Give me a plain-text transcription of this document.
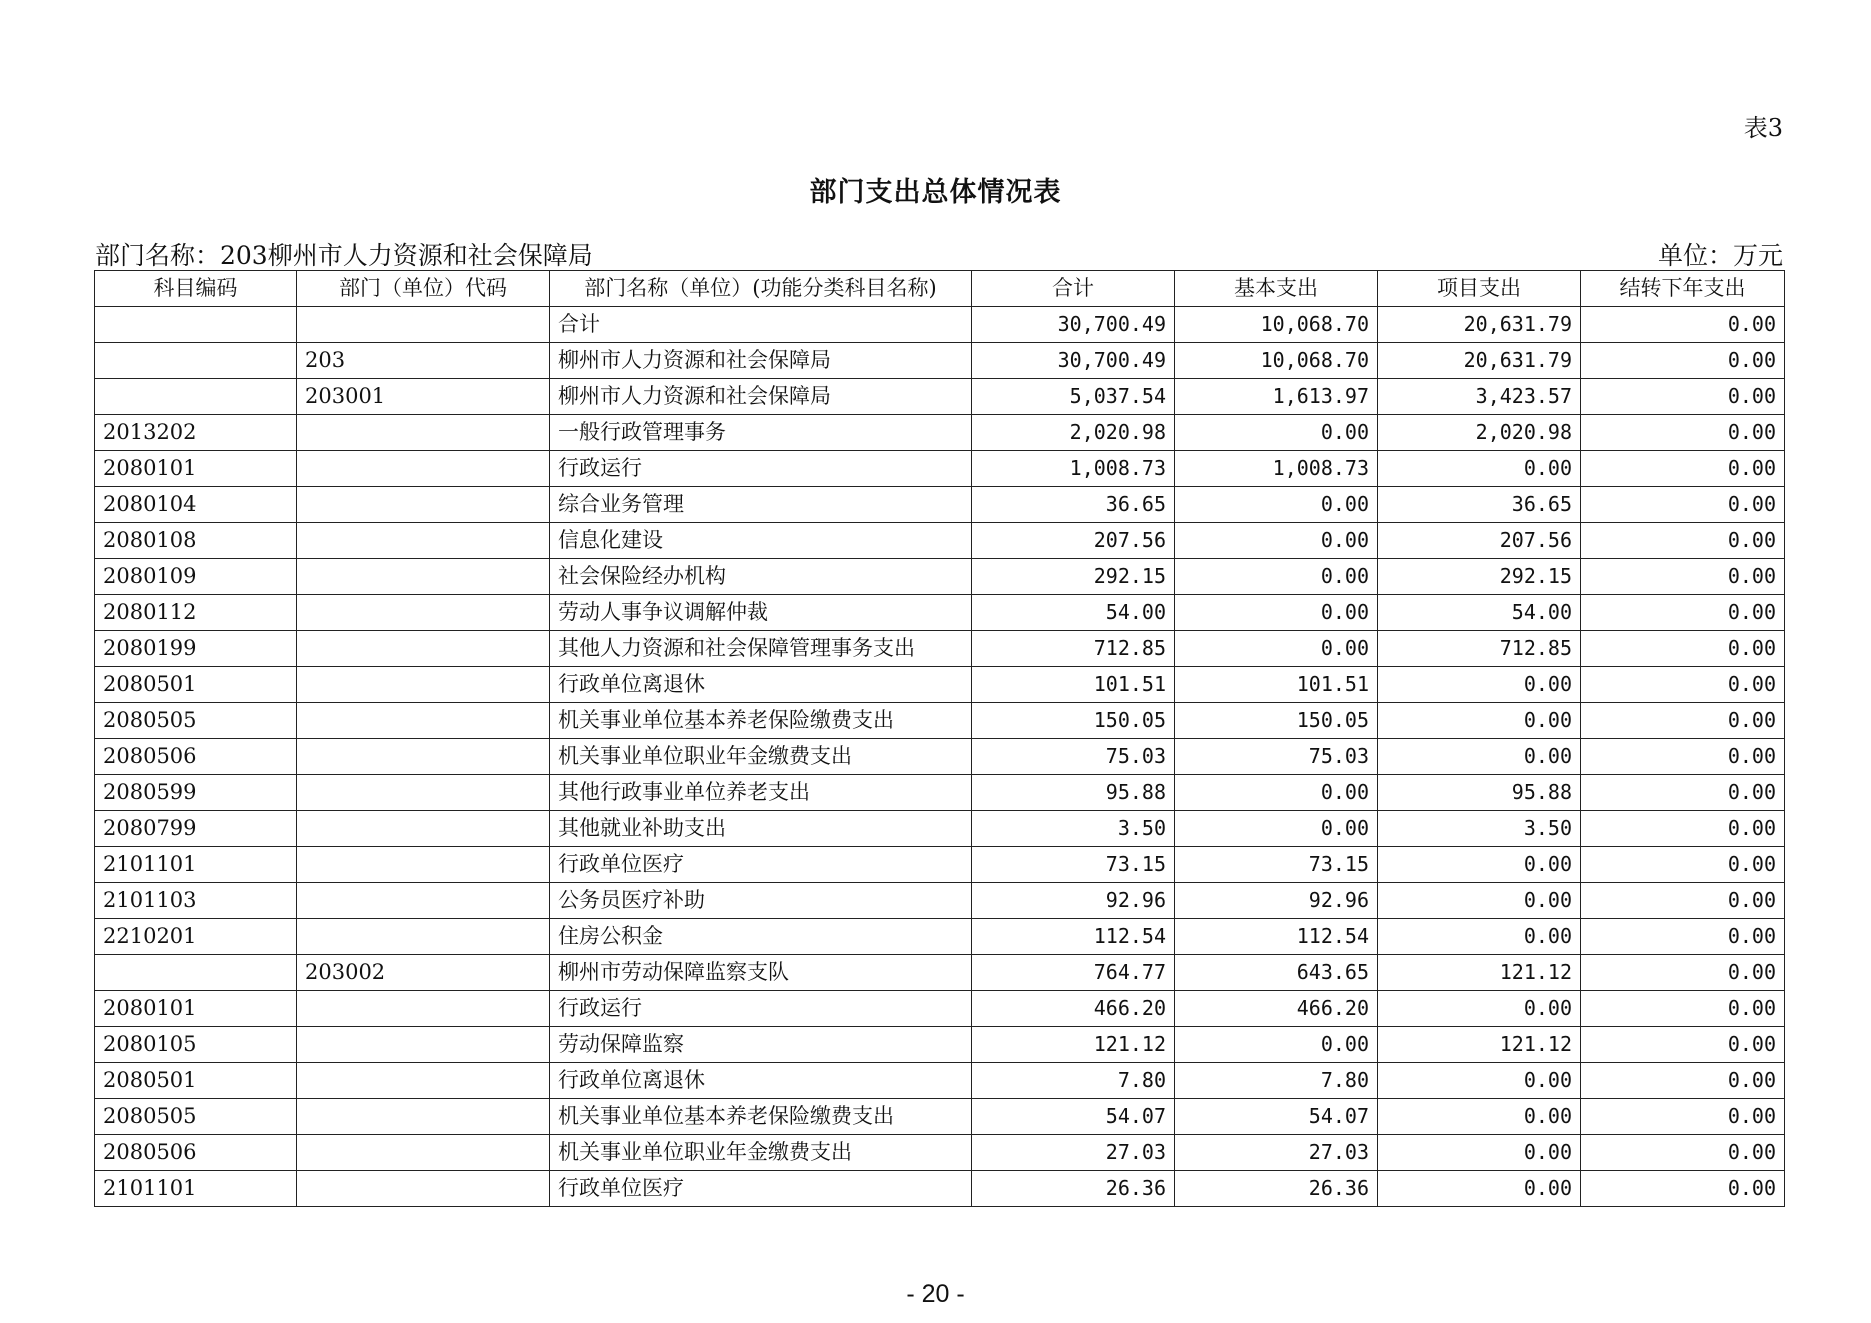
表3
部门支出总体情况表
部门名称：203柳州市人力资源和社会保障局	单位：万元
科目编码	部门（单位）代码	部门名称（单位）(功能分类科目名称)	合计	基本支出	项目支出	结转下年支出
		合计	30,700.49	10,068.70	20,631.79	0.00
	203	柳州市人力资源和社会保障局	30,700.49	10,068.70	20,631.79	0.00
	203001	柳州市人力资源和社会保障局	5,037.54	1,613.97	3,423.57	0.00
2013202		一般行政管理事务	2,020.98	0.00	2,020.98	0.00
2080101		行政运行	1,008.73	1,008.73	0.00	0.00
2080104		综合业务管理	36.65	0.00	36.65	0.00
2080108		信息化建设	207.56	0.00	207.56	0.00
2080109		社会保险经办机构	292.15	0.00	292.15	0.00
2080112		劳动人事争议调解仲裁	54.00	0.00	54.00	0.00
2080199		其他人力资源和社会保障管理事务支出	712.85	0.00	712.85	0.00
2080501		行政单位离退休	101.51	101.51	0.00	0.00
2080505		机关事业单位基本养老保险缴费支出	150.05	150.05	0.00	0.00
2080506		机关事业单位职业年金缴费支出	75.03	75.03	0.00	0.00
2080599		其他行政事业单位养老支出	95.88	0.00	95.88	0.00
2080799		其他就业补助支出	3.50	0.00	3.50	0.00
2101101		行政单位医疗	73.15	73.15	0.00	0.00
2101103		公务员医疗补助	92.96	92.96	0.00	0.00
2210201		住房公积金	112.54	112.54	0.00	0.00
	203002	柳州市劳动保障监察支队	764.77	643.65	121.12	0.00
2080101		行政运行	466.20	466.20	0.00	0.00
2080105		劳动保障监察	121.12	0.00	121.12	0.00
2080501		行政单位离退休	7.80	7.80	0.00	0.00
2080505		机关事业单位基本养老保险缴费支出	54.07	54.07	0.00	0.00
2080506		机关事业单位职业年金缴费支出	27.03	27.03	0.00	0.00
2101101		行政单位医疗	26.36	26.36	0.00	0.00
- 20 -
